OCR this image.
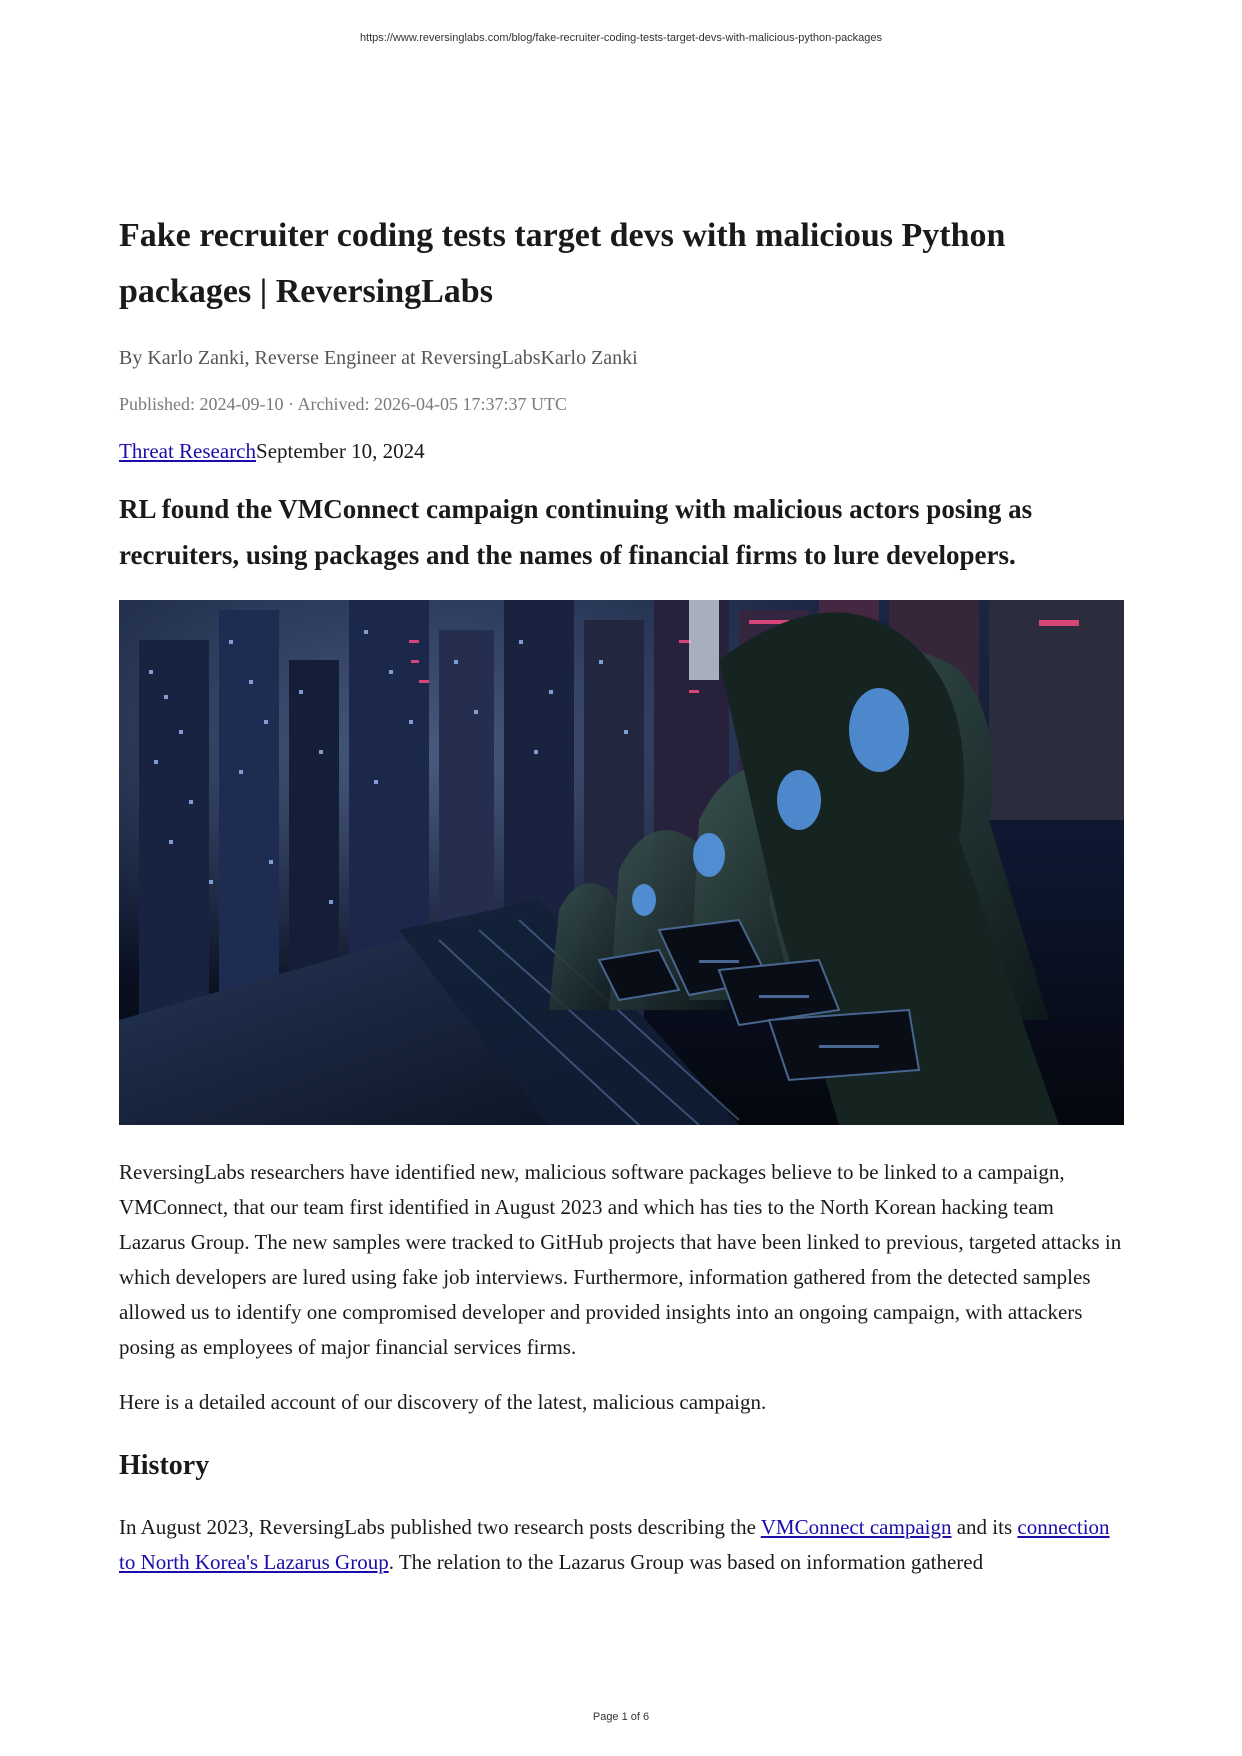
https://www.reversinglabs.com/blog/fake-recruiter-coding-tests-target-devs-with-malicious-python-packages
Fake recruiter coding tests target devs with malicious Python packages | ReversingLabs

By Karlo Zanki, Reverse Engineer at ReversingLabsKarlo Zanki

Published: 2024-09-10 · Archived: 2026-04-05 17:37:37 UTC

Threat ResearchSeptember 10, 2024

RL found the VMConnect campaign continuing with malicious actors posing as recruiters, using packages and the names of financial firms to lure developers.

ReversingLabs researchers have identified new, malicious software packages believe to be linked to a campaign, VMConnect, that our team first identified in August 2023 and which has ties to the North Korean hacking team Lazarus Group. The new samples were tracked to GitHub projects that have been linked to previous, targeted attacks in which developers are lured using fake job interviews. Furthermore, information gathered from the detected samples allowed us to identify one compromised developer and provided insights into an ongoing campaign, with attackers posing as employees of major financial services firms.

Here is a detailed account of our discovery of the latest, malicious campaign.

History

In August 2023, ReversingLabs published two research posts describing the VMConnect campaign and its connection to North Korea's Lazarus Group. The relation to the Lazarus Group was based on information gathered

Page 1 of 6
